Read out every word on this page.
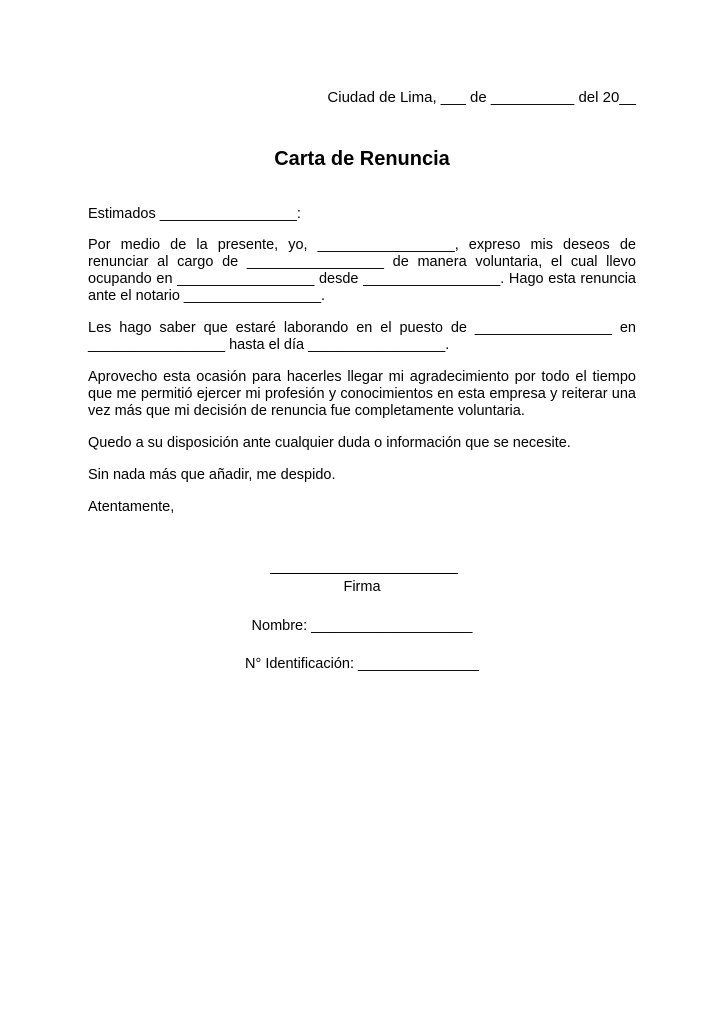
Ciudad de Lima, ___ de __________ del 20__
Carta de Renuncia

Estimados _________________:

Por medio de la presente, yo, _________________, expreso mis deseos de renunciar al cargo de _________________ de manera voluntaria, el cual llevo ocupando en _________________ desde _________________. Hago esta renuncia ante el notario _________________.

Les hago saber que estaré laborando en el puesto de _________________ en _________________ hasta el día _________________.

Aprovecho esta ocasión para hacerles llegar mi agradecimiento por todo el tiempo que me permitió ejercer mi profesión y conocimientos en esta empresa y reiterar una vez más que mi decisión de renuncia fue completamente voluntaria.

Quedo a su disposición ante cualquier duda o información que se necesite.

Sin nada más que añadir, me despido.

Atentamente,

Firma
Nombre: ____________________
N° Identificación: _______________
